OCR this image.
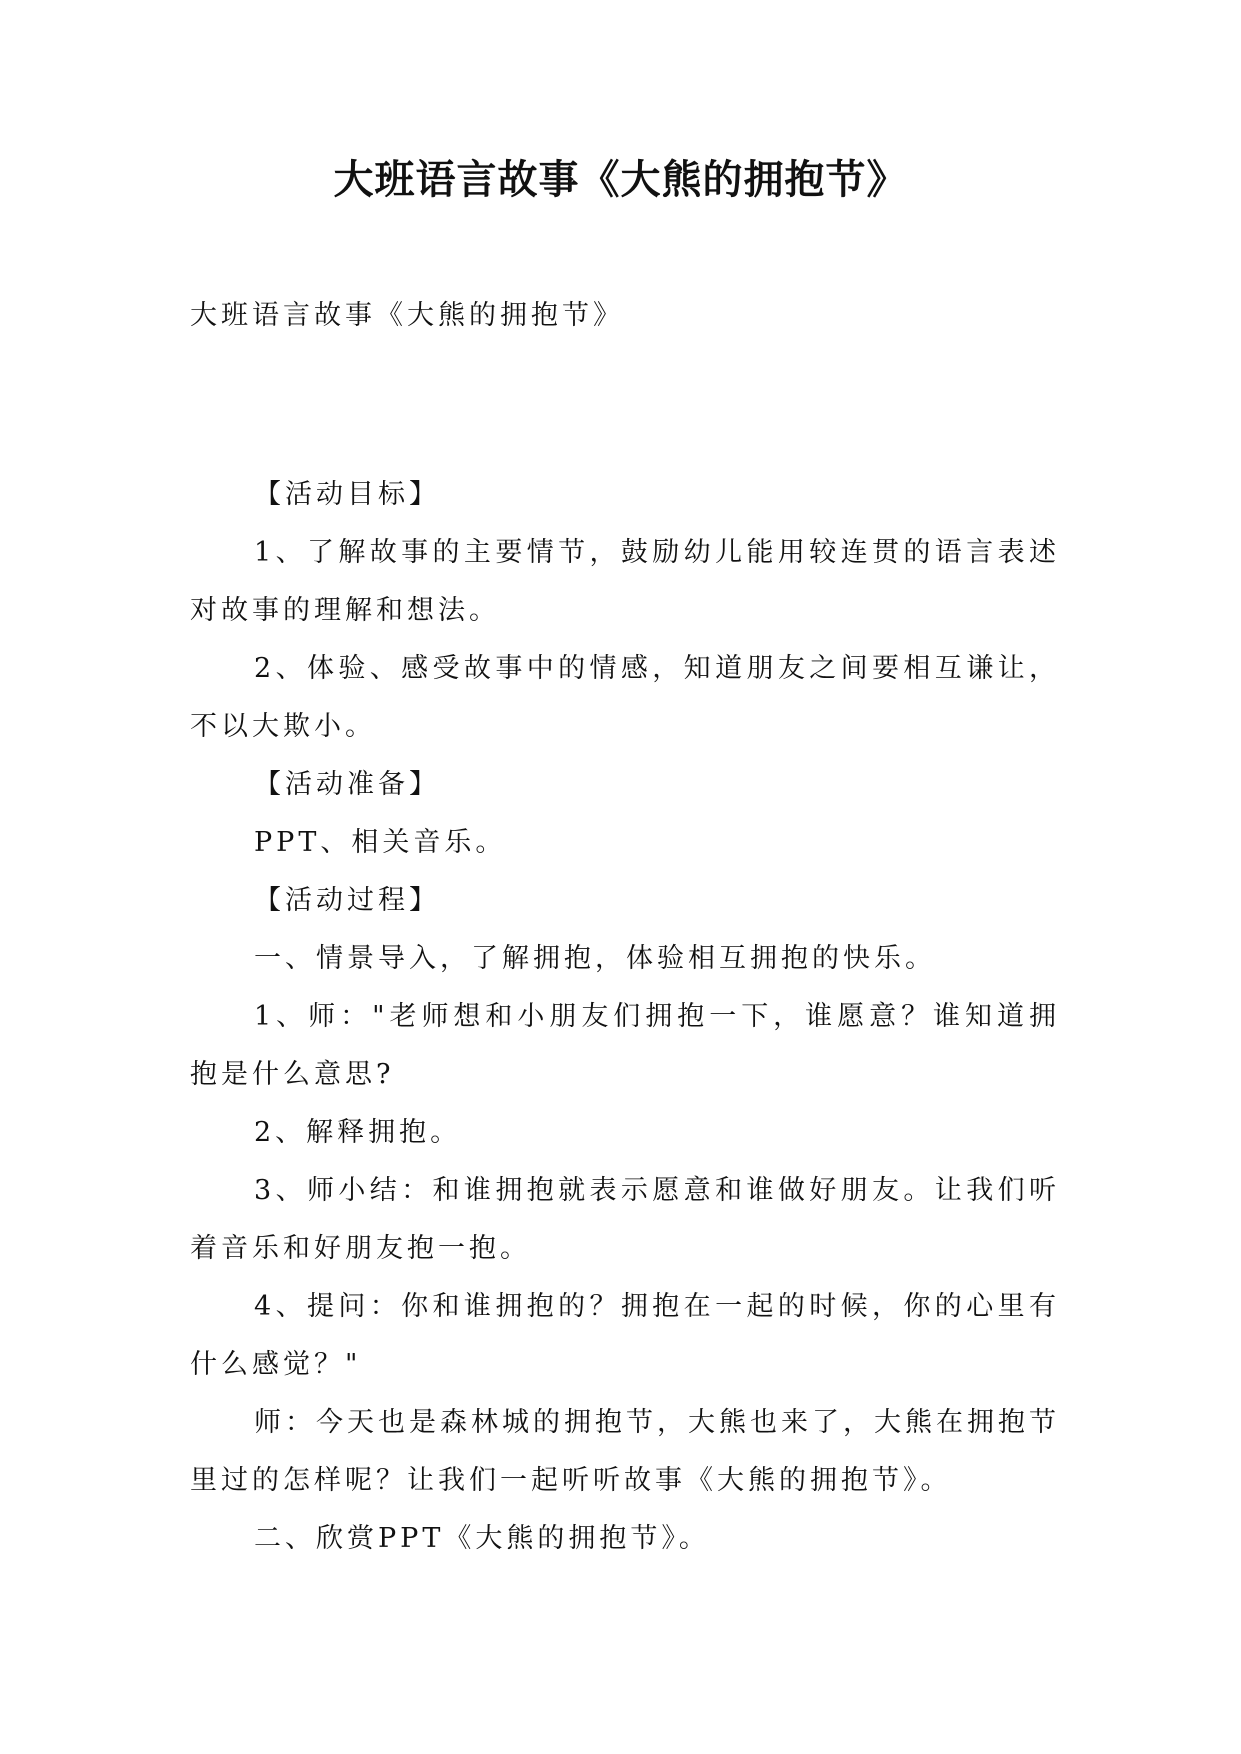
大班语言故事《大熊的拥抱节》

大班语言故事《大熊的拥抱节》

【活动目标】

1、了解故事的主要情节，鼓励幼儿能用较连贯的语言表述对故事的理解和想法。

2、体验、感受故事中的情感，知道朋友之间要相互谦让，不以大欺小。

【活动准备】

PPT、相关音乐。

【活动过程】

一、情景导入，了解拥抱，体验相互拥抱的快乐。

1、师："老师想和小朋友们拥抱一下，谁愿意？谁知道拥抱是什么意思?

2、解释拥抱。

3、师小结：和谁拥抱就表示愿意和谁做好朋友。让我们听着音乐和好朋友抱一抱。

4、提问：你和谁拥抱的？拥抱在一起的时候，你的心里有什么感觉？"

师：今天也是森林城的拥抱节，大熊也来了，大熊在拥抱节里过的怎样呢？让我们一起听听故事《大熊的拥抱节》。

二、欣赏PPT《大熊的拥抱节》。
